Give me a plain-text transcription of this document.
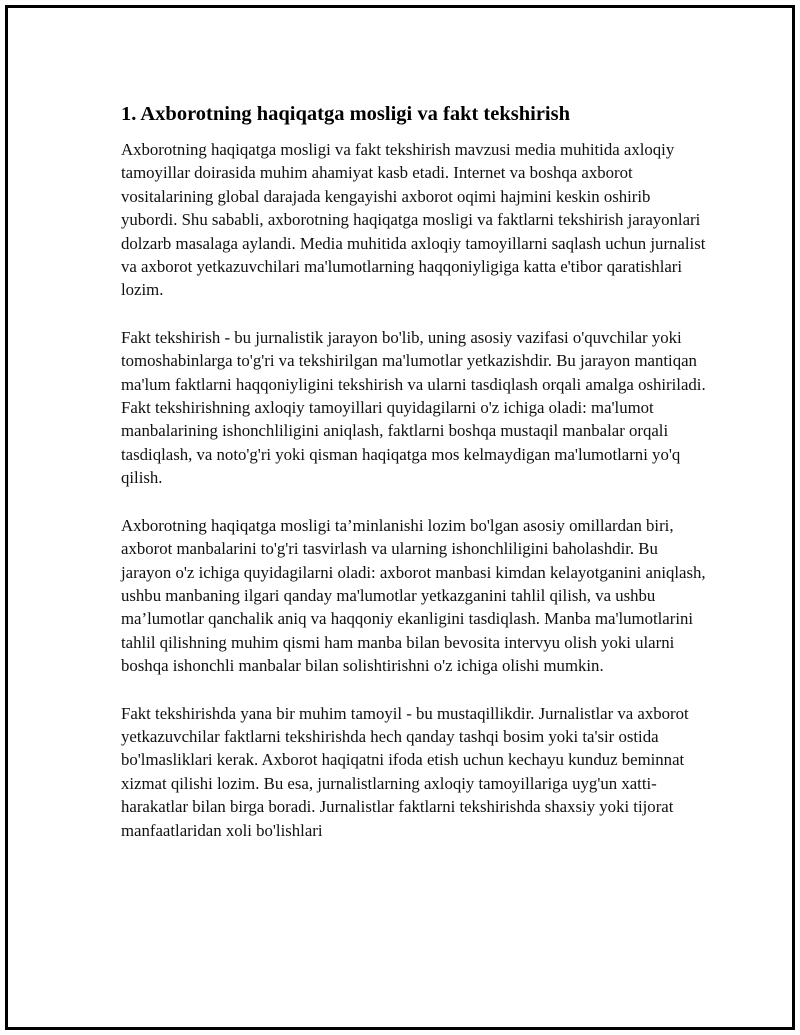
1. Axborotning haqiqatga mosligi va fakt tekshirish

Axborotning haqiqatga mosligi va fakt tekshirish mavzusi media muhitida axloqiy tamoyillar doirasida muhim ahamiyat kasb etadi. Internet va boshqa axborot vositalarining global darajada kengayishi axborot oqimi hajmini keskin oshirib yubordi. Shu sababli, axborotning haqiqatga mosligi va faktlarni tekshirish jarayonlari dolzarb masalaga aylandi. Media muhitida axloqiy tamoyillarni saqlash uchun jurnalist va axborot yetkazuvchilari ma'lumotlarning haqqoniyligiga katta e'tibor qaratishlari lozim.

Fakt tekshirish - bu jurnalistik jarayon bo'lib, uning asosiy vazifasi o'quvchilar yoki tomoshabinlarga to'g'ri va tekshirilgan ma'lumotlar yetkazishdir. Bu jarayon mantiqan ma'lum faktlarni haqqoniyligini tekshirish va ularni tasdiqlash orqali amalga oshiriladi. Fakt tekshirishning axloqiy tamoyillari quyidagilarni o'z ichiga oladi: ma'lumot manbalarining ishonchliligini aniqlash, faktlarni boshqa mustaqil manbalar orqali tasdiqlash, va noto'g'ri yoki qisman haqiqatga mos kelmaydigan ma'lumotlarni yo'q qilish.

Axborotning haqiqatga mosligi ta’minlanishi lozim bo'lgan asosiy omillardan biri, axborot manbalarini to'g'ri tasvirlash va ularning ishonchliligini baholashdir. Bu jarayon o'z ichiga quyidagilarni oladi: axborot manbasi kimdan kelayotganini aniqlash, ushbu manbaning ilgari qanday ma'lumotlar yetkazganini tahlil qilish, va ushbu ma’lumotlar qanchalik aniq va haqqoniy ekanligini tasdiqlash. Manba ma'lumotlarini tahlil qilishning muhim qismi ham manba bilan bevosita intervyu olish yoki ularni boshqa ishonchli manbalar bilan solishtirishni o'z ichiga olishi mumkin.

Fakt tekshirishda yana bir muhim tamoyil - bu mustaqillikdir. Jurnalistlar va axborot yetkazuvchilar faktlarni tekshirishda hech qanday tashqi bosim yoki ta'sir ostida bo'lmasliklari kerak. Axborot haqiqatni ifoda etish uchun kechayu kunduz beminnat xizmat qilishi lozim. Bu esa, jurnalistlarning axloqiy tamoyillariga uyg'un xatti-harakatlar bilan birga boradi. Jurnalistlar faktlarni tekshirishda shaxsiy yoki tijorat manfaatlaridan xoli bo'lishlari
